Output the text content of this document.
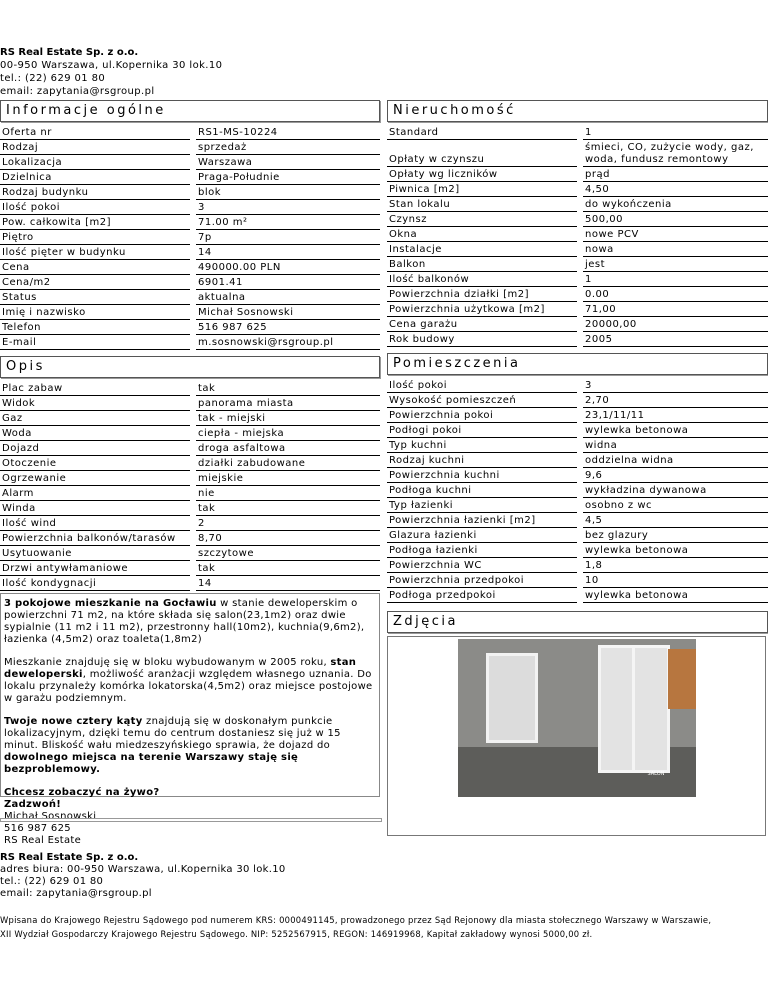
RS Real Estate Sp. z o.o.
00-950 Warszawa, ul.Kopernika 30 lok.10
tel.: (22) 629 01 80
email: zapytania@rsgroup.pl
Informacje ogólne
Oferta nr		RS1-MS-10224
Rodzaj		sprzedaż
Lokalizacja		Warszawa
Dzielnica		Praga-Południe
Rodzaj budynku		blok
Ilość pokoi		3
Pow. całkowita [m2]		71.00 m²
Piętro		7p
Ilość pięter w budynku		14
Cena		490000.00 PLN
Cena/m2		6901.41
Status		aktualna
Imię i nazwisko		Michał Sosnowski
Telefon		516 987 625
E-mail		m.sosnowski@rsgroup.pl
Opis
Plac zabaw		tak
Widok		panorama miasta
Gaz		tak - miejski
Woda		ciepła - miejska
Dojazd		droga asfaltowa
Otoczenie		działki zabudowane
Ogrzewanie		miejskie
Alarm		nie
Winda		tak
Ilość wind		2
Powierzchnia balkonów/tarasów		8,70
Usytuowanie		szczytowe
Drzwi antywłamaniowe		tak
Ilość kondygnacji		14

3 pokojowe mieszkanie na Gocławiu w stanie deweloperskim o powierzchni 71 m2, na które składa się salon(23,1m2) oraz dwie sypialnie (11 m2 i 11 m2), przestronny hall(10m2), kuchnia(9,6m2), łazienka (4,5m2) oraz toaleta(1,8m2)

Mieszkanie znajduję się w bloku wybudowanym w 2005 roku, stan deweloperski, możliwość aranżacji względem własnego uznania. Do lokalu przynależy komórka lokatorska(4,5m2) oraz miejsce postojowe w garażu podziemnym.

Twoje nowe cztery kąty znajdują się w doskonałym punkcie lokalizacyjnym, dzięki temu do centrum dostaniesz się już w 15 minut. Bliskość wału miedzeszyńskiego sprawia, że dojazd do dowolnego miejsca na terenie Warszawy staję się bezproblemowy.

Chcesz zobaczyć na żywo?
Zadzwoń!
Michał Sosnowski
516 987 625
RS Real Estate

Nieruchomość
Standard		1
Opłaty w czynszu		śmieci, CO, zużycie wody, gaz, woda, fundusz remontowy
Opłaty wg liczników		prąd
Piwnica [m2]		4,50
Stan lokalu		do wykończenia
Czynsz		500,00
Okna		nowe PCV
Instalacje		nowa
Balkon		jest
Ilość balkonów		1
Powierzchnia działki [m2]		0.00
Powierzchnia użytkowa [m2]		71,00
Cena garażu		20000,00
Rok budowy		2005
Pomieszczenia
Ilość pokoi		3
Wysokość pomieszczeń		2,70
Powierzchnia pokoi		23,1/11/11
Podłogi pokoi		wylewka betonowa
Typ kuchni		widna
Rodzaj kuchni		oddzielna widna
Powierzchnia kuchni		9,6
Podłoga kuchni		wykładzina dywanowa
Typ łazienki		osobno z wc
Powierzchnia łazienki [m2]		4,5
Glazura łazienki		bez glazury
Podłoga łazienki		wylewka betonowa
Powierzchnia WC		1,8
Powierzchnia przedpokoi		10
Podłoga przedpokoi		wylewka betonowa
Zdjęcia
SALON
RS Real Estate Sp. z o.o.
adres biura: 00-950 Warszawa, ul.Kopernika 30 lok.10
tel.: (22) 629 01 80
email: zapytania@rsgroup.pl
Wpisana do Krajowego Rejestru Sądowego pod numerem KRS: 0000491145, prowadzonego przez Sąd Rejonowy dla miasta stołecznego Warszawy w Warszawie,
XII Wydział Gospodarczy Krajowego Rejestru Sądowego. NIP: 5252567915, REGON: 146919968, Kapitał zakładowy wynosi 5000,00 zł.
